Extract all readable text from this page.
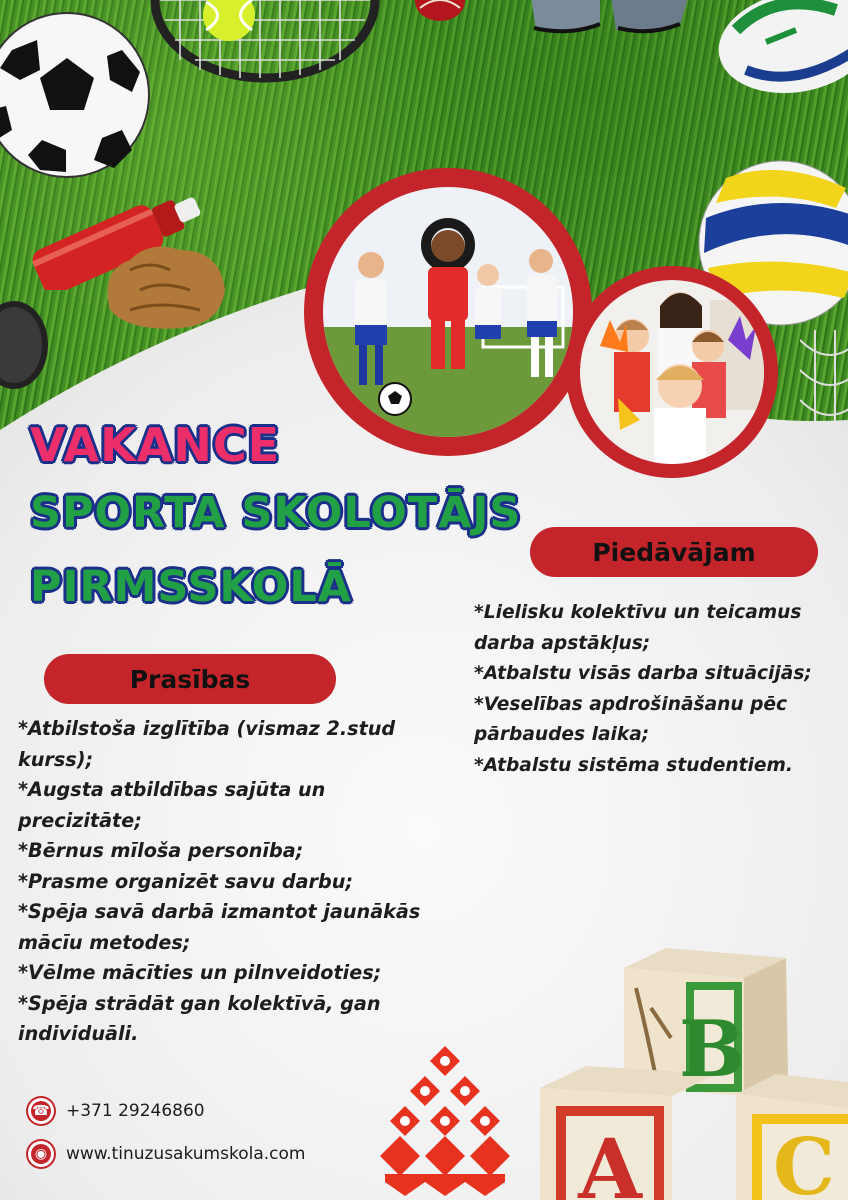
VAKANCE
SPORTA SKOLOTĀJS
PIRMSSKOLĀ
Piedāvājam
*Lielisku kolektīvu un teicamus darba apstākļus;
*Atbalstu visās darba situācijās;
*Veselības apdrošināšanu pēc pārbaudes laika;
*Atbalstu sistēma studentiem.
Prasības
*Atbilstoša izglītība (vismaz 2.stud kurss);
*Augsta atbildības sajūta un precizitāte;
*Bērnus mīloša personība;
*Prasme organizēt savu darbu;
*Spēja savā darbā izmantot jaunākās mācīu metodes;
*Vēlme mācīties un pilnveidoties;
*Spēja strādāt gan kolektīvā, gan individuāli.
☎ +371 29246860
◉	www.tinuzusakumskola.com
B
A C
